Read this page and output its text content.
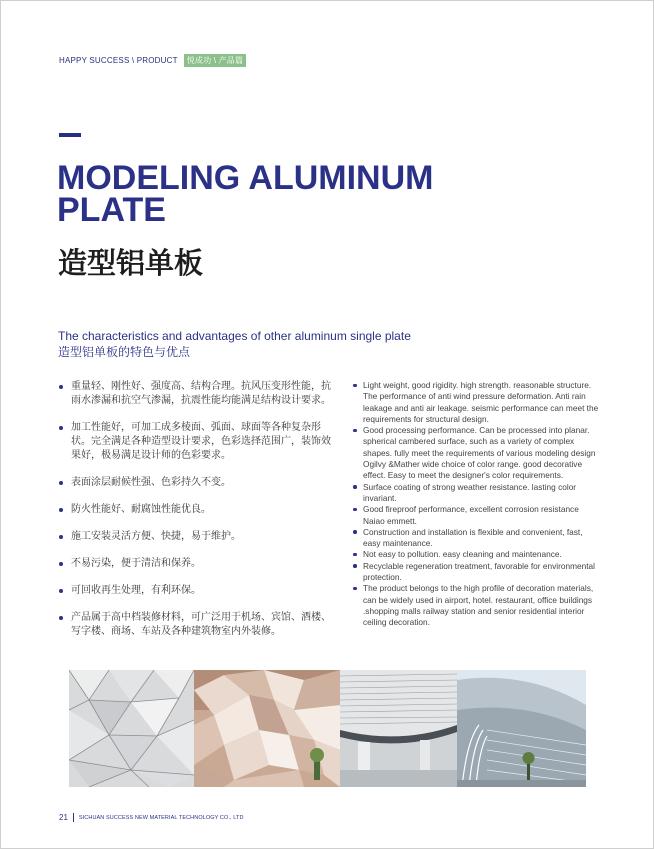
HAPPY SUCCESS \ PRODUCT	悦成功 \ 产品篇
MODELING ALUMINUM
PLATE
造型铝单板
The characteristics and advantages of other aluminum single plate
造型铝单板的特色与优点
重量轻、刚性好、强度高、结构合理。抗风压变形性能，抗雨水渗漏和抗空气渗漏，抗震性能均能满足结构设计要求。
加工性能好，可加工成多棱面、弧面、球面等各种复杂形状。完全满足各种造型设计要求，色彩选择范围广，装饰效果好，极易满足设计师的色彩要求。
表面涂层耐候性强、色彩持久不变。
防火性能好、耐腐蚀性能优良。
施工安装灵活方便、快捷，易于维护。
不易污染，便于清洁和保养。
可回收再生处理，有利环保。
产品属于高中档装修材料，可广泛用于机场、宾馆、酒楼、写字楼、商场、车站及各种建筑物室内外装修。
Light weight, good rigidity. high strength. reasonable structure. The performance of anti wind pressure deformation. Anti rain leakage and anti air leakage. seismic performance can meet the requirements for structural design.
Good processing performance. Can be processed into planar. spherical cambered surface, such as a variety of complex shapes. fully meet the requirements of various modeling design Ogilvy &Mather wide choice of color range. good decorative effect. Easy to meet the designer's color requirements.
Surface coating of strong weather resistance. lasting color invariant.
Good fireproof performance, excellent corrosion resistance Naiao emmett.
Construction and installation is flexible and convenient, fast, easy maintenance.
Not easy to pollution. easy cleaning and maintenance.
Recyclable regeneration treatment, favorable for environmental protection.
The product belongs to the high profile of decoration materials, can be widely used in airport, hotel. restaurant, office buildings .shopping malls railway station and senior residential interior ceiling decoration.
21 SICHUAN SUCCESS NEW MATERIAL TECHNOLOGY CO., LTD
